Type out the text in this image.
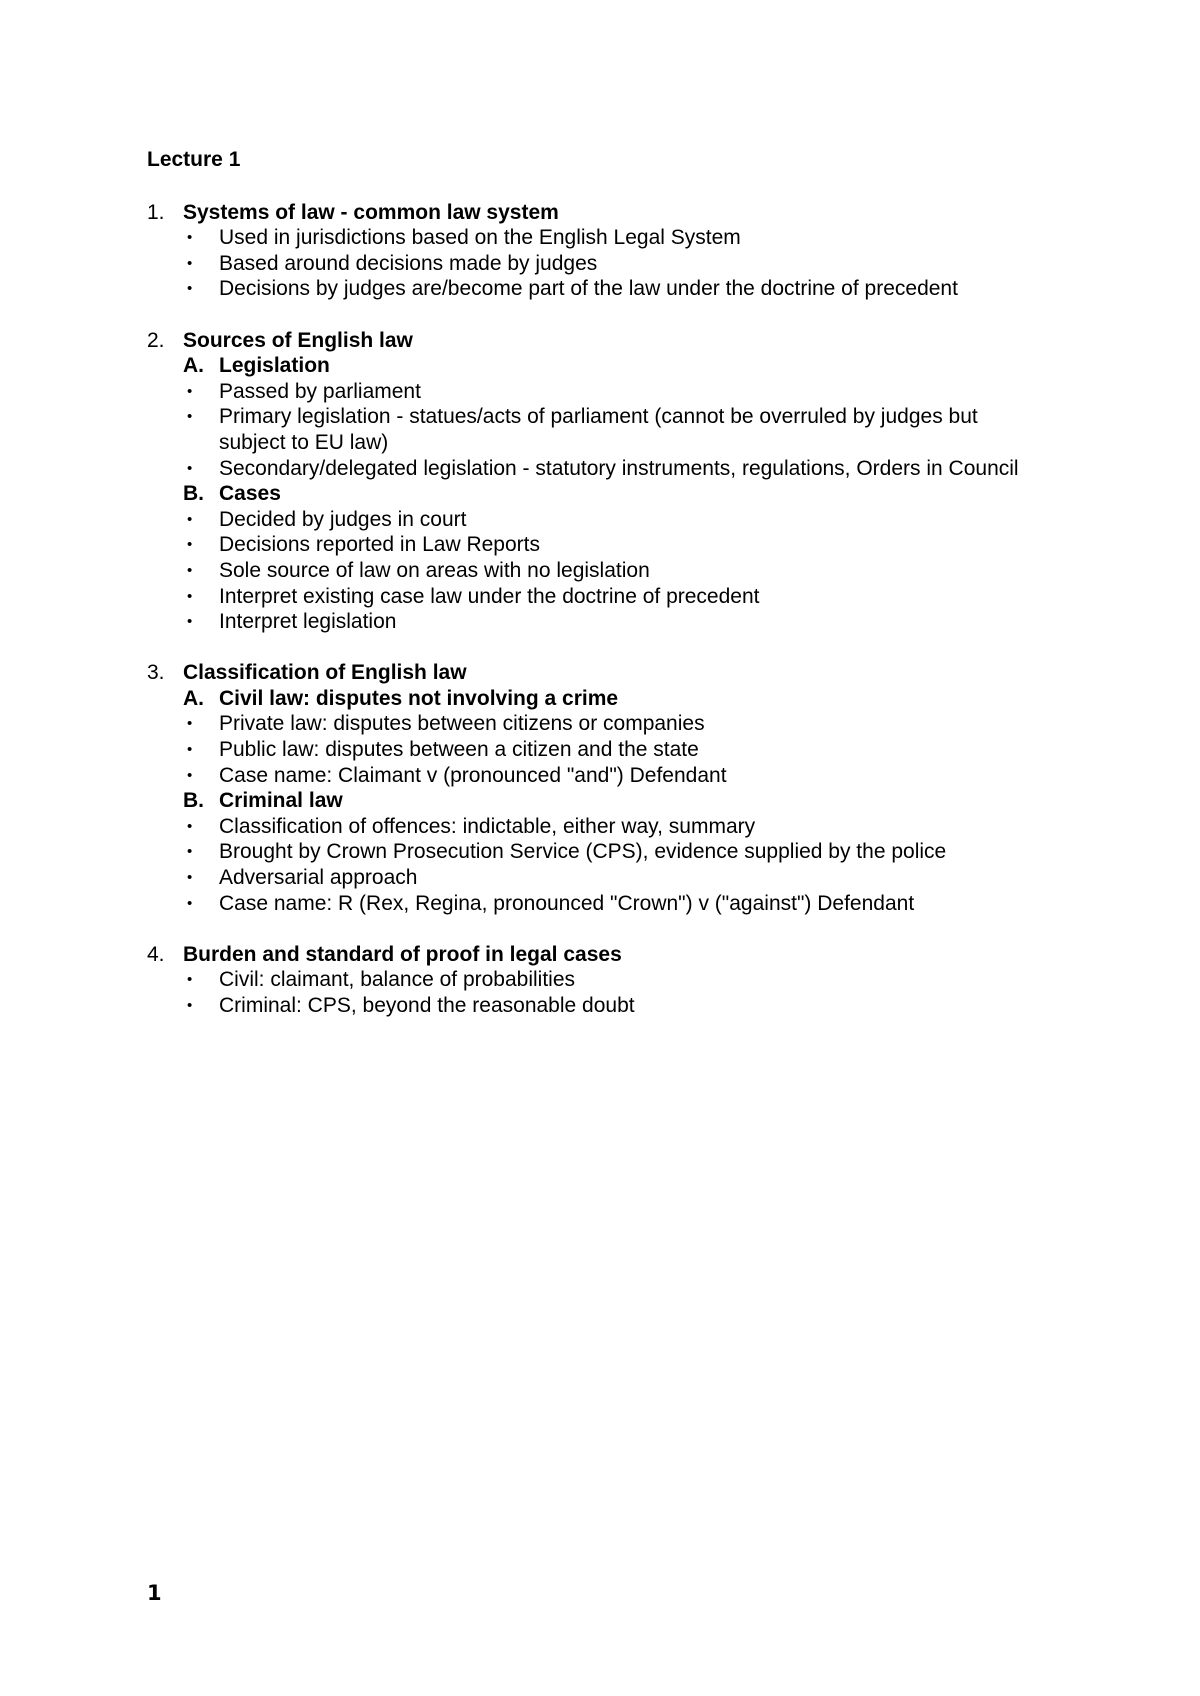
Lecture 1
1. Systems of law - common law system
• Used in jurisdictions based on the English Legal System
• Based around decisions made by judges
• Decisions by judges are/become part of the law under the doctrine of precedent
2. Sources of English law
A. Legislation
• Passed by parliament
• Primary legislation - statues/acts of parliament (cannot be overruled by judges but subject to EU law)
• Secondary/delegated legislation - statutory instruments, regulations, Orders in Council
B. Cases
• Decided by judges in court
• Decisions reported in Law Reports
• Sole source of law on areas with no legislation
• Interpret existing case law under the doctrine of precedent
• Interpret legislation
3. Classification of English law
A. Civil law: disputes not involving a crime
• Private law: disputes between citizens or companies
• Public law: disputes between a citizen and the state
• Case name: Claimant v (pronounced "and") Defendant
B. Criminal law
• Classification of offences: indictable, either way, summary
• Brought by Crown Prosecution Service (CPS), evidence supplied by the police
• Adversarial approach
• Case name: R (Rex, Regina, pronounced "Crown") v ("against") Defendant
4. Burden and standard of proof in legal cases
• Civil: claimant, balance of probabilities
• Criminal: CPS, beyond the reasonable doubt
1
